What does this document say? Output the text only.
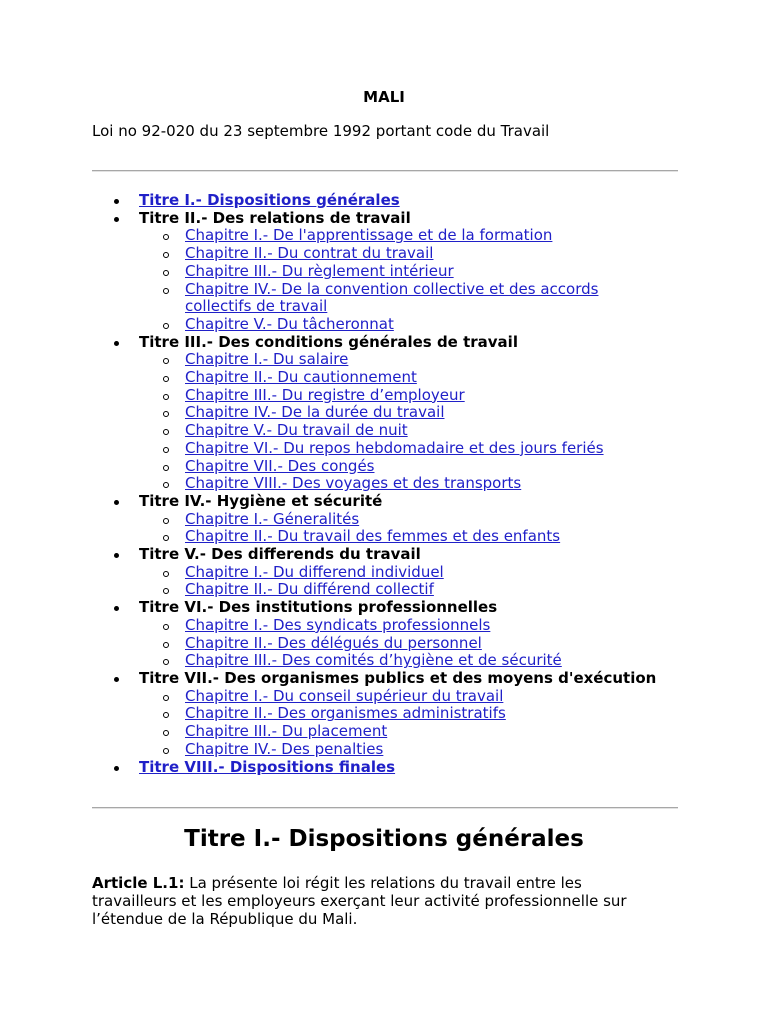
MALI
Loi no 92-020 du 23 septembre 1992 portant code du Travail
Titre I.- Dispositions générales
Titre II.- Des relations de travail
Chapitre I.- De l'apprentissage et de la formation
Chapitre II.- Du contrat du travail
Chapitre III.- Du règlement intérieur
Chapitre IV.- De la convention collective et des accords collectifs de travail
Chapitre V.- Du tâcheronnat
Titre III.- Des conditions générales de travail
Chapitre I.- Du salaire
Chapitre II.- Du cautionnement
Chapitre III.- Du registre d’employeur
Chapitre IV.- De la durée du travail
Chapitre V.- Du travail de nuit
Chapitre VI.- Du repos hebdomadaire et des jours feriés
Chapitre VII.- Des congés
Chapitre VIII.- Des voyages et des transports
Titre IV.- Hygiène et sécurité
Chapitre I.- Géneralités
Chapitre II.- Du travail des femmes et des enfants
Titre V.- Des differends du travail
Chapitre I.- Du differend individuel
Chapitre II.- Du différend collectif
Titre VI.- Des institutions professionnelles
Chapitre I.- Des syndicats professionnels
Chapitre II.- Des délégués du personnel
Chapitre III.- Des comités d’hygiène et de sécurité
Titre VII.- Des organismes publics et des moyens d'exécution
Chapitre I.- Du conseil supérieur du travail
Chapitre II.- Des organismes administratifs
Chapitre III.- Du placement
Chapitre IV.- Des penalties
Titre VIII.- Dispositions finales
Titre I.- Dispositions générales
Article L.1: La présente loi régit les relations du travail entre les travailleurs et les employeurs exerçant leur activité professionnelle sur l’étendue de la République du Mali.
